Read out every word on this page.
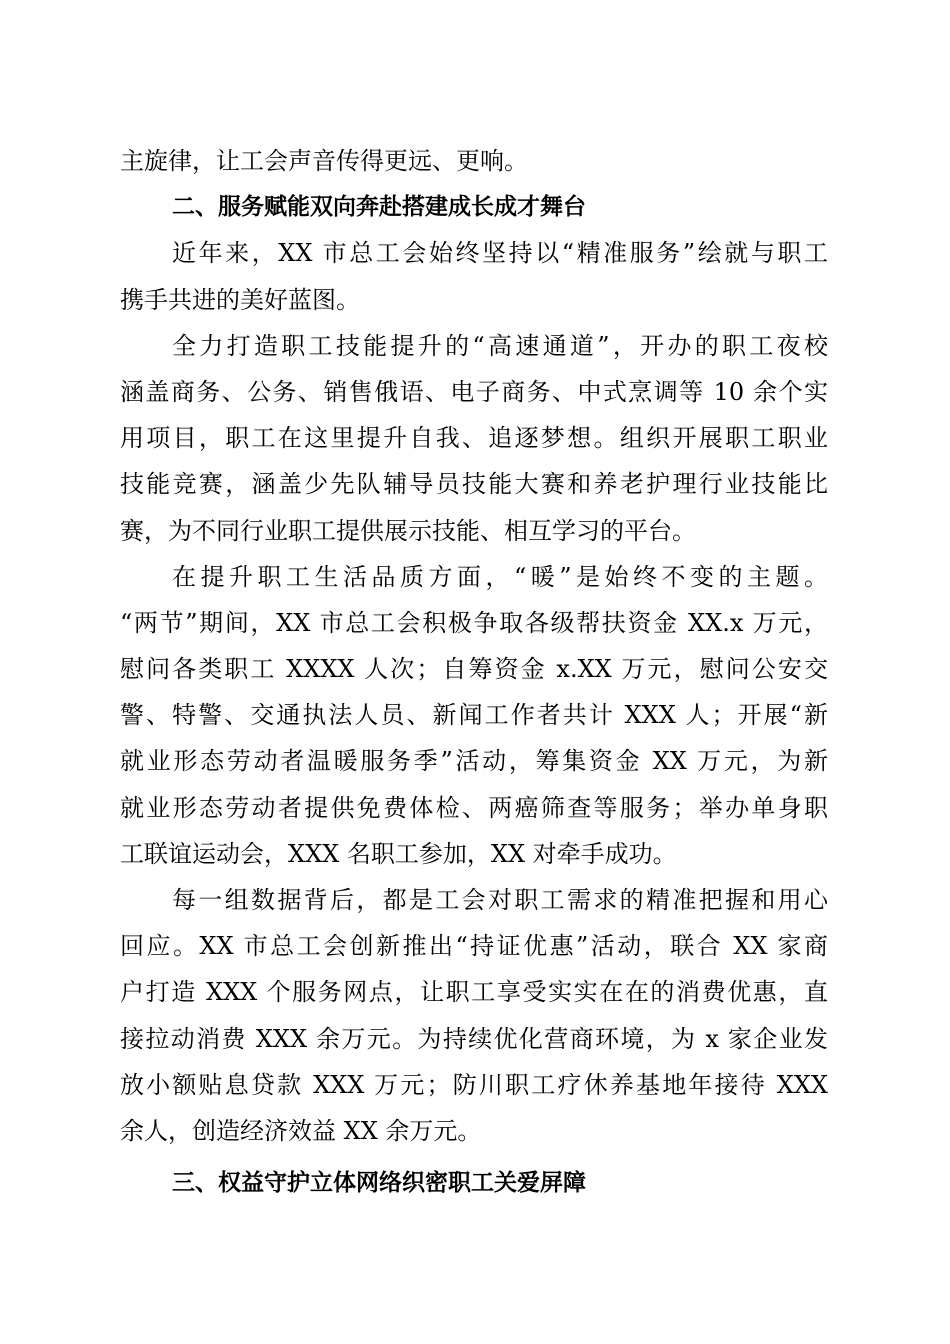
主旋律，让工会声音传得更远、更响。
二、服务赋能双向奔赴搭建成长成才舞台
近年来，XX 市总工会始终坚持以“精准服务”绘就与职工
携手共进的美好蓝图。
全力打造职工技能提升的“高速通道”，开办的职工夜校
涵盖商务、公务、销售俄语、电子商务、中式烹调等 10 余个实
用项目，职工在这里提升自我、追逐梦想。组织开展职工职业
技能竞赛，涵盖少先队辅导员技能大赛和养老护理行业技能比
赛，为不同行业职工提供展示技能、相互学习的平台。
在提升职工生活品质方面，“暖”是始终不变的主题。
“两节”期间，XX 市总工会积极争取各级帮扶资金 XX.x 万元，
慰问各类职工 XXXX 人次；自筹资金 x.XX 万元，慰问公安交
警、特警、交通执法人员、新闻工作者共计 XXX 人；开展“新
就业形态劳动者温暖服务季”活动，筹集资金 XX 万元，为新
就业形态劳动者提供免费体检、两癌筛查等服务；举办单身职
工联谊运动会，XXX 名职工参加，XX 对牵手成功。
每一组数据背后，都是工会对职工需求的精准把握和用心
回应。XX 市总工会创新推出“持证优惠”活动，联合 XX 家商
户打造 XXX 个服务网点，让职工享受实实在在的消费优惠，直
接拉动消费 XXX 余万元。为持续优化营商环境，为 x 家企业发
放小额贴息贷款 XXX 万元；防川职工疗休养基地年接待 XXX
余人，创造经济效益 XX 余万元。
三、权益守护立体网络织密职工关爱屏障
